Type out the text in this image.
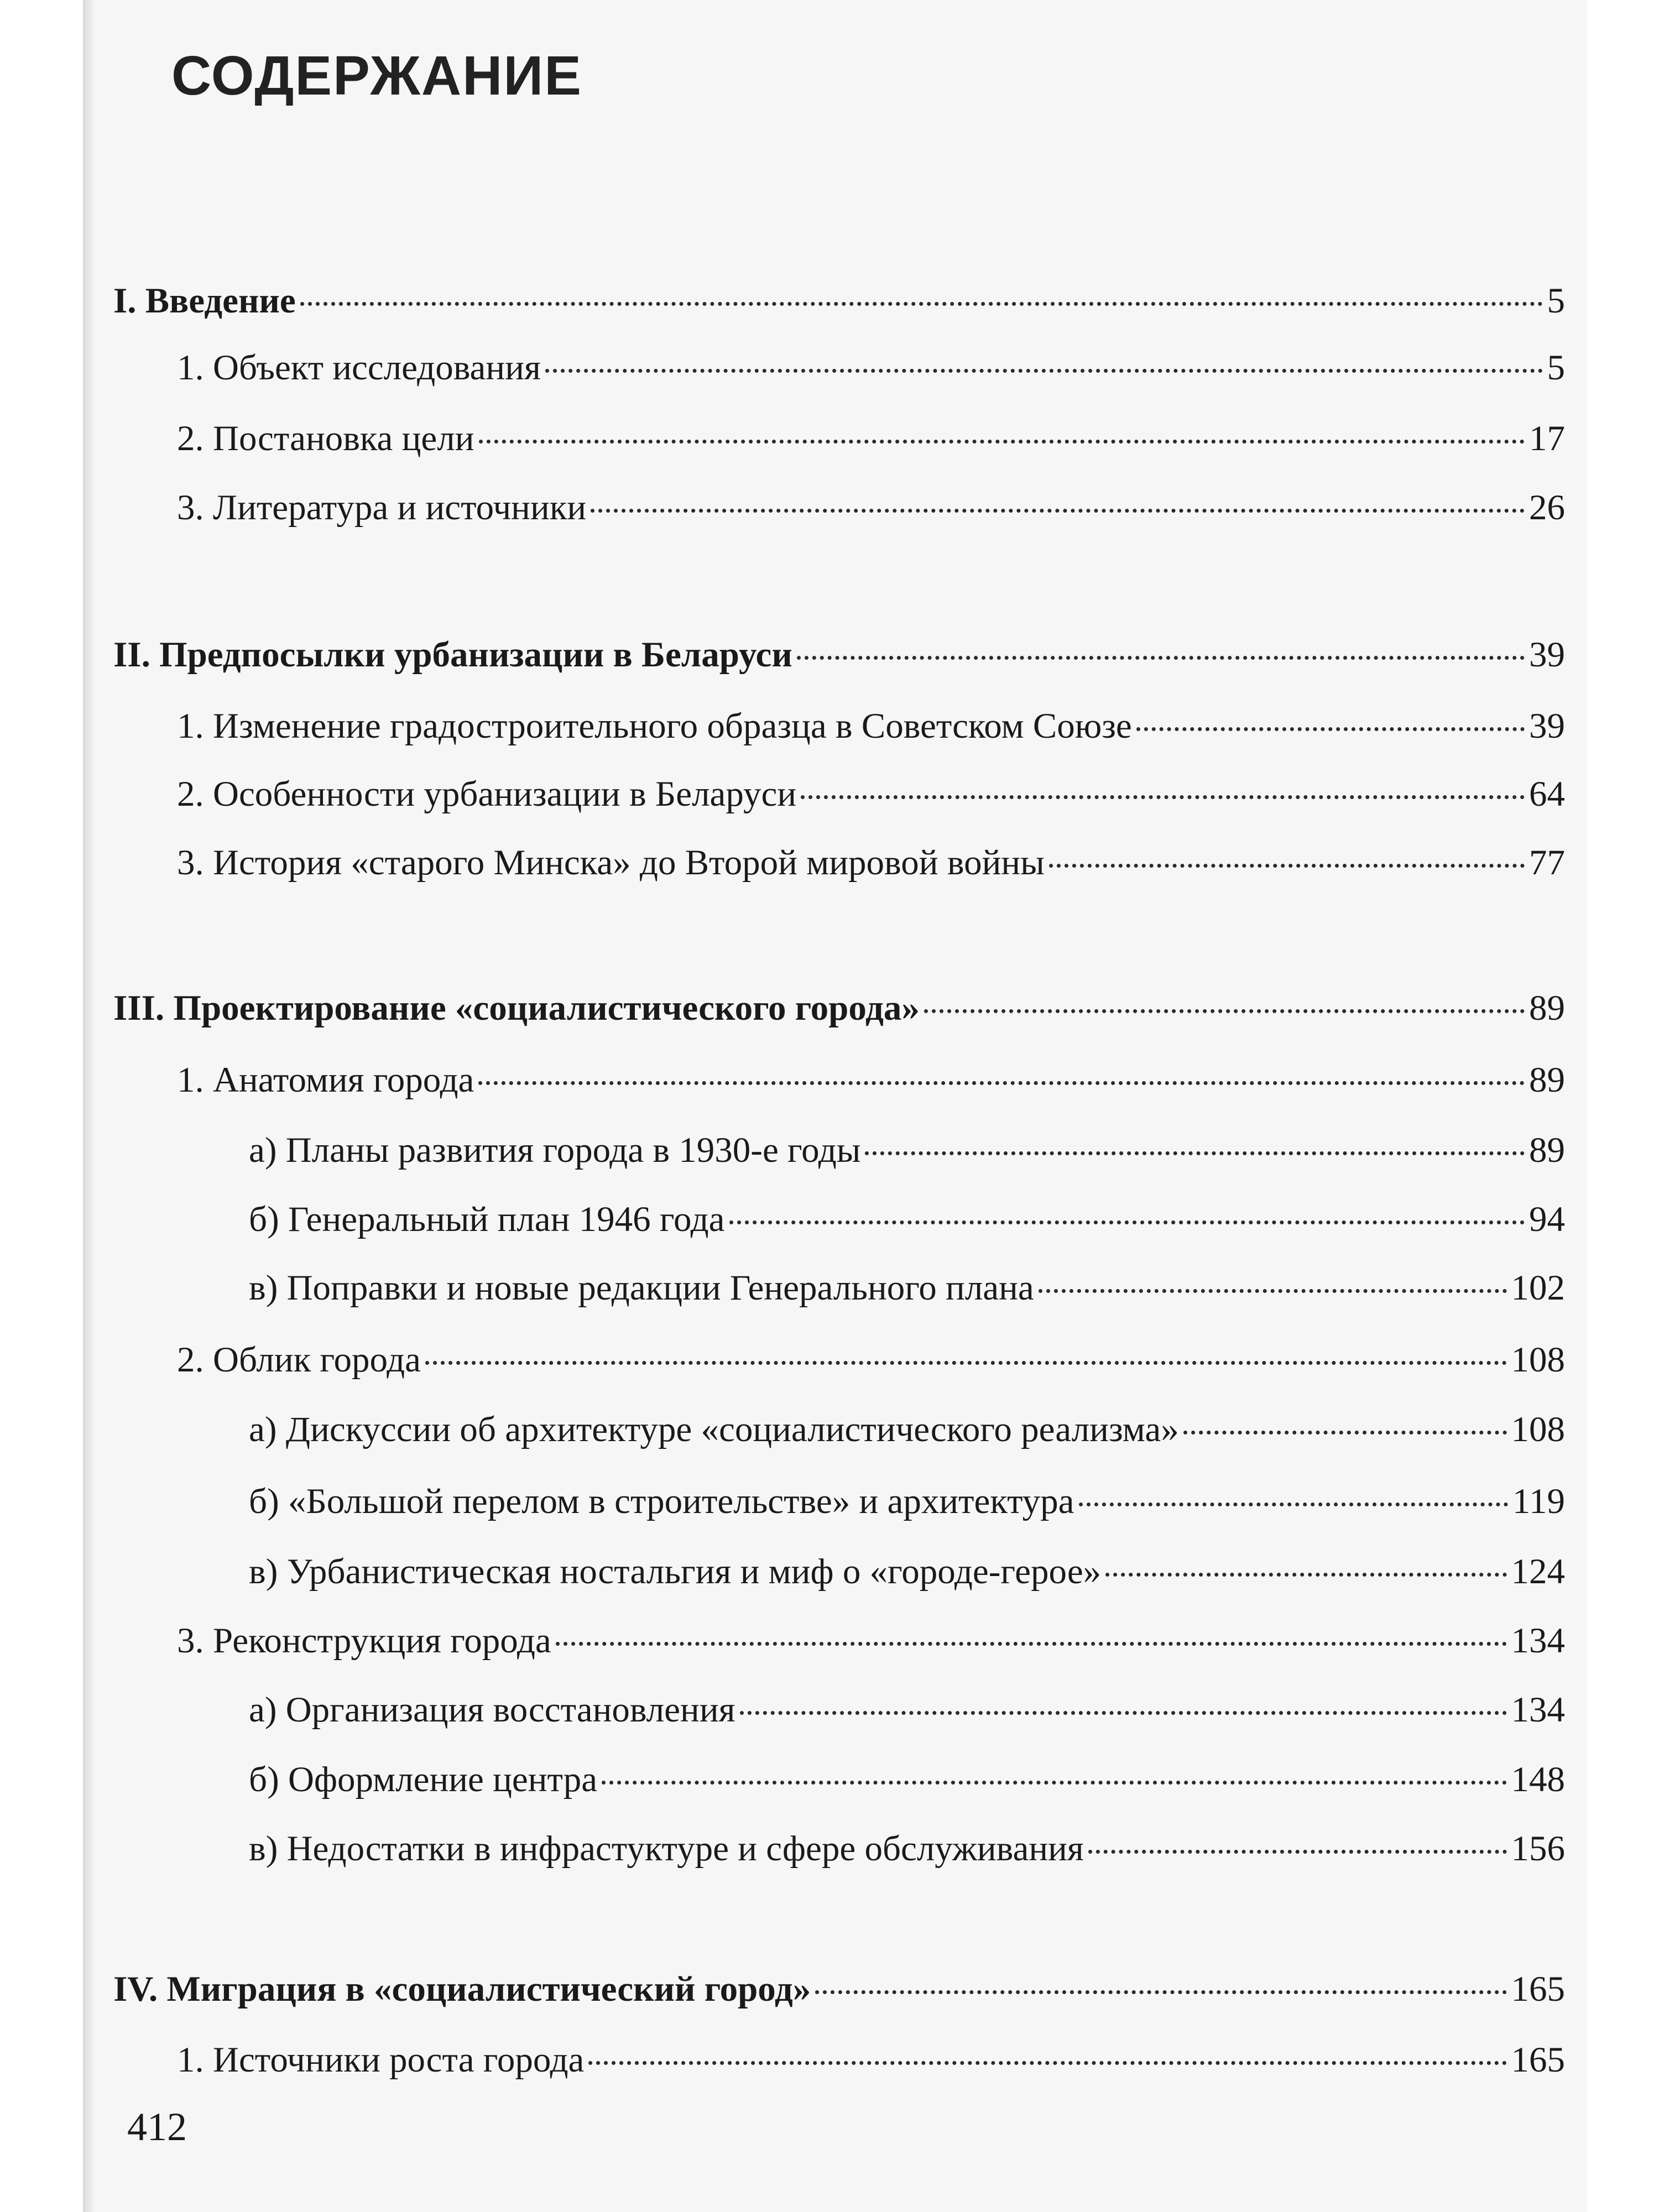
СОДЕРЖАНИЕ
I. Введение	5
1. Объект исследования	5
2. Постановка цели	17
3. Литература и источники	26
II. Предпосылки урбанизации в Беларуси	39
1. Изменение градостроительного образца в Советском Союзе	39
2. Особенности урбанизации в Беларуси	64
3. История «старого Минска» до Второй мировой войны	77
III. Проектирование «социалистического города»	89
1. Анатомия города	89
а) Планы развития города в 1930-е годы	89
б) Генеральный план 1946 года	94
в) Поправки и новые редакции Генерального плана	102
2. Облик города	108
а) Дискуссии об архитектуре «социалистического реализма»	108
б) «Большой перелом в строительстве» и архитектура	119
в) Урбанистическая ностальгия и миф о «городе-герое»	124
3. Реконструкция города	134
а) Организация восстановления	134
б) Оформление центра	148
в) Недостатки в инфрастуктуре и сфере обслуживания	156
IV. Миграция в «социалистический город»	165
1. Источники роста города	165
412
